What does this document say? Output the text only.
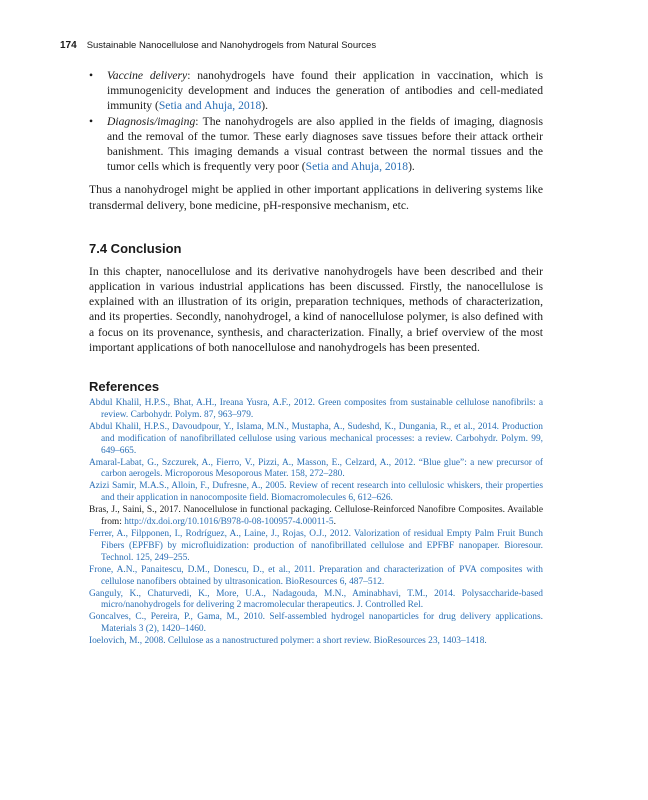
174 Sustainable Nanocellulose and Nanohydrogels from Natural Sources
• Vaccine delivery: nanohydrogels have found their application in vaccination, which is immunogenicity development and induces the generation of antibodies and cell-mediated immunity (Setia and Ahuja, 2018).
• Diagnosis/imaging: The nanohydrogels are also applied in the fields of imaging, diagnosis and the removal of the tumor. These early diagnoses save tissues before their attack ortheir banishment. This imaging demands a visual contrast between the normal tissues and the tumor cells which is frequently very poor (Setia and Ahuja, 2018).

Thus a nanohydrogel might be applied in other important applications in delivering systems like transdermal delivery, bone medicine, pH-responsive mechanism, etc.

7.4 Conclusion

In this chapter, nanocellulose and its derivative nanohydrogels have been described and their application in various industrial applications has been discussed. Firstly, the nanocellulose is explained with an illustration of its origin, preparation techniques, methods of characterization, and its properties. Secondly, nanohydrogel, a kind of nanocellulose polymer, is also defined with a focus on its provenance, synthesis, and characterization. Finally, a brief overview of the most important applications of both nanocellulose and nanohydrogels has been presented.

References
Abdul Khalil, H.P.S., Bhat, A.H., Ireana Yusra, A.F., 2012. Green composites from sustainable cellulose nanofibrils: a review. Carbohydr. Polym. 87, 963–979.
Abdul Khalil, H.P.S., Davoudpour, Y., Islama, M.N., Mustapha, A., Sudeshd, K., Dungania, R., et al., 2014. Production and modification of nanofibrillated cellulose using various mechanical processes: a review. Carbohydr. Polym. 99, 649–665.
Amaral-Labat, G., Szczurek, A., Fierro, V., Pizzi, A., Masson, E., Celzard, A., 2012. “Blue glue”: a new precursor of carbon aerogels. Microporous Mesoporous Mater. 158, 272–280.
Azizi Samir, M.A.S., Alloin, F., Dufresne, A., 2005. Review of recent research into cellulosic whiskers, their properties and their application in nanocomposite field. Biomacromolecules 6, 612–626.
Bras, J., Saini, S., 2017. Nanocellulose in functional packaging. Cellulose-Reinforced Nanofibre Composites. Available from: http://dx.doi.org/10.1016/B978-0-08-100957-4.00011-5.
Ferrer, A., Filpponen, I., Rodríguez, A., Laine, J., Rojas, O.J., 2012. Valorization of residual Empty Palm Fruit Bunch Fibers (EPFBF) by microfluidization: production of nanofibrillated cellulose and EPFBF nanopaper. Bioresour. Technol. 125, 249–255.
Frone, A.N., Panaitescu, D.M., Donescu, D., et al., 2011. Preparation and characterization of PVA composites with cellulose nanofibers obtained by ultrasonication. BioResources 6, 487–512.
Ganguly, K., Chaturvedi, K., More, U.A., Nadagouda, M.N., Aminabhavi, T.M., 2014. Polysaccharide-based micro/nanohydrogels for delivering 2 macromolecular therapeutics. J. Controlled Rel.
Goncalves, C., Pereira, P., Gama, M., 2010. Self-assembled hydrogel nanoparticles for drug delivery applications. Materials 3 (2), 1420–1460.
Ioelovich, M., 2008. Cellulose as a nanostructured polymer: a short review. BioResources 23, 1403–1418.
